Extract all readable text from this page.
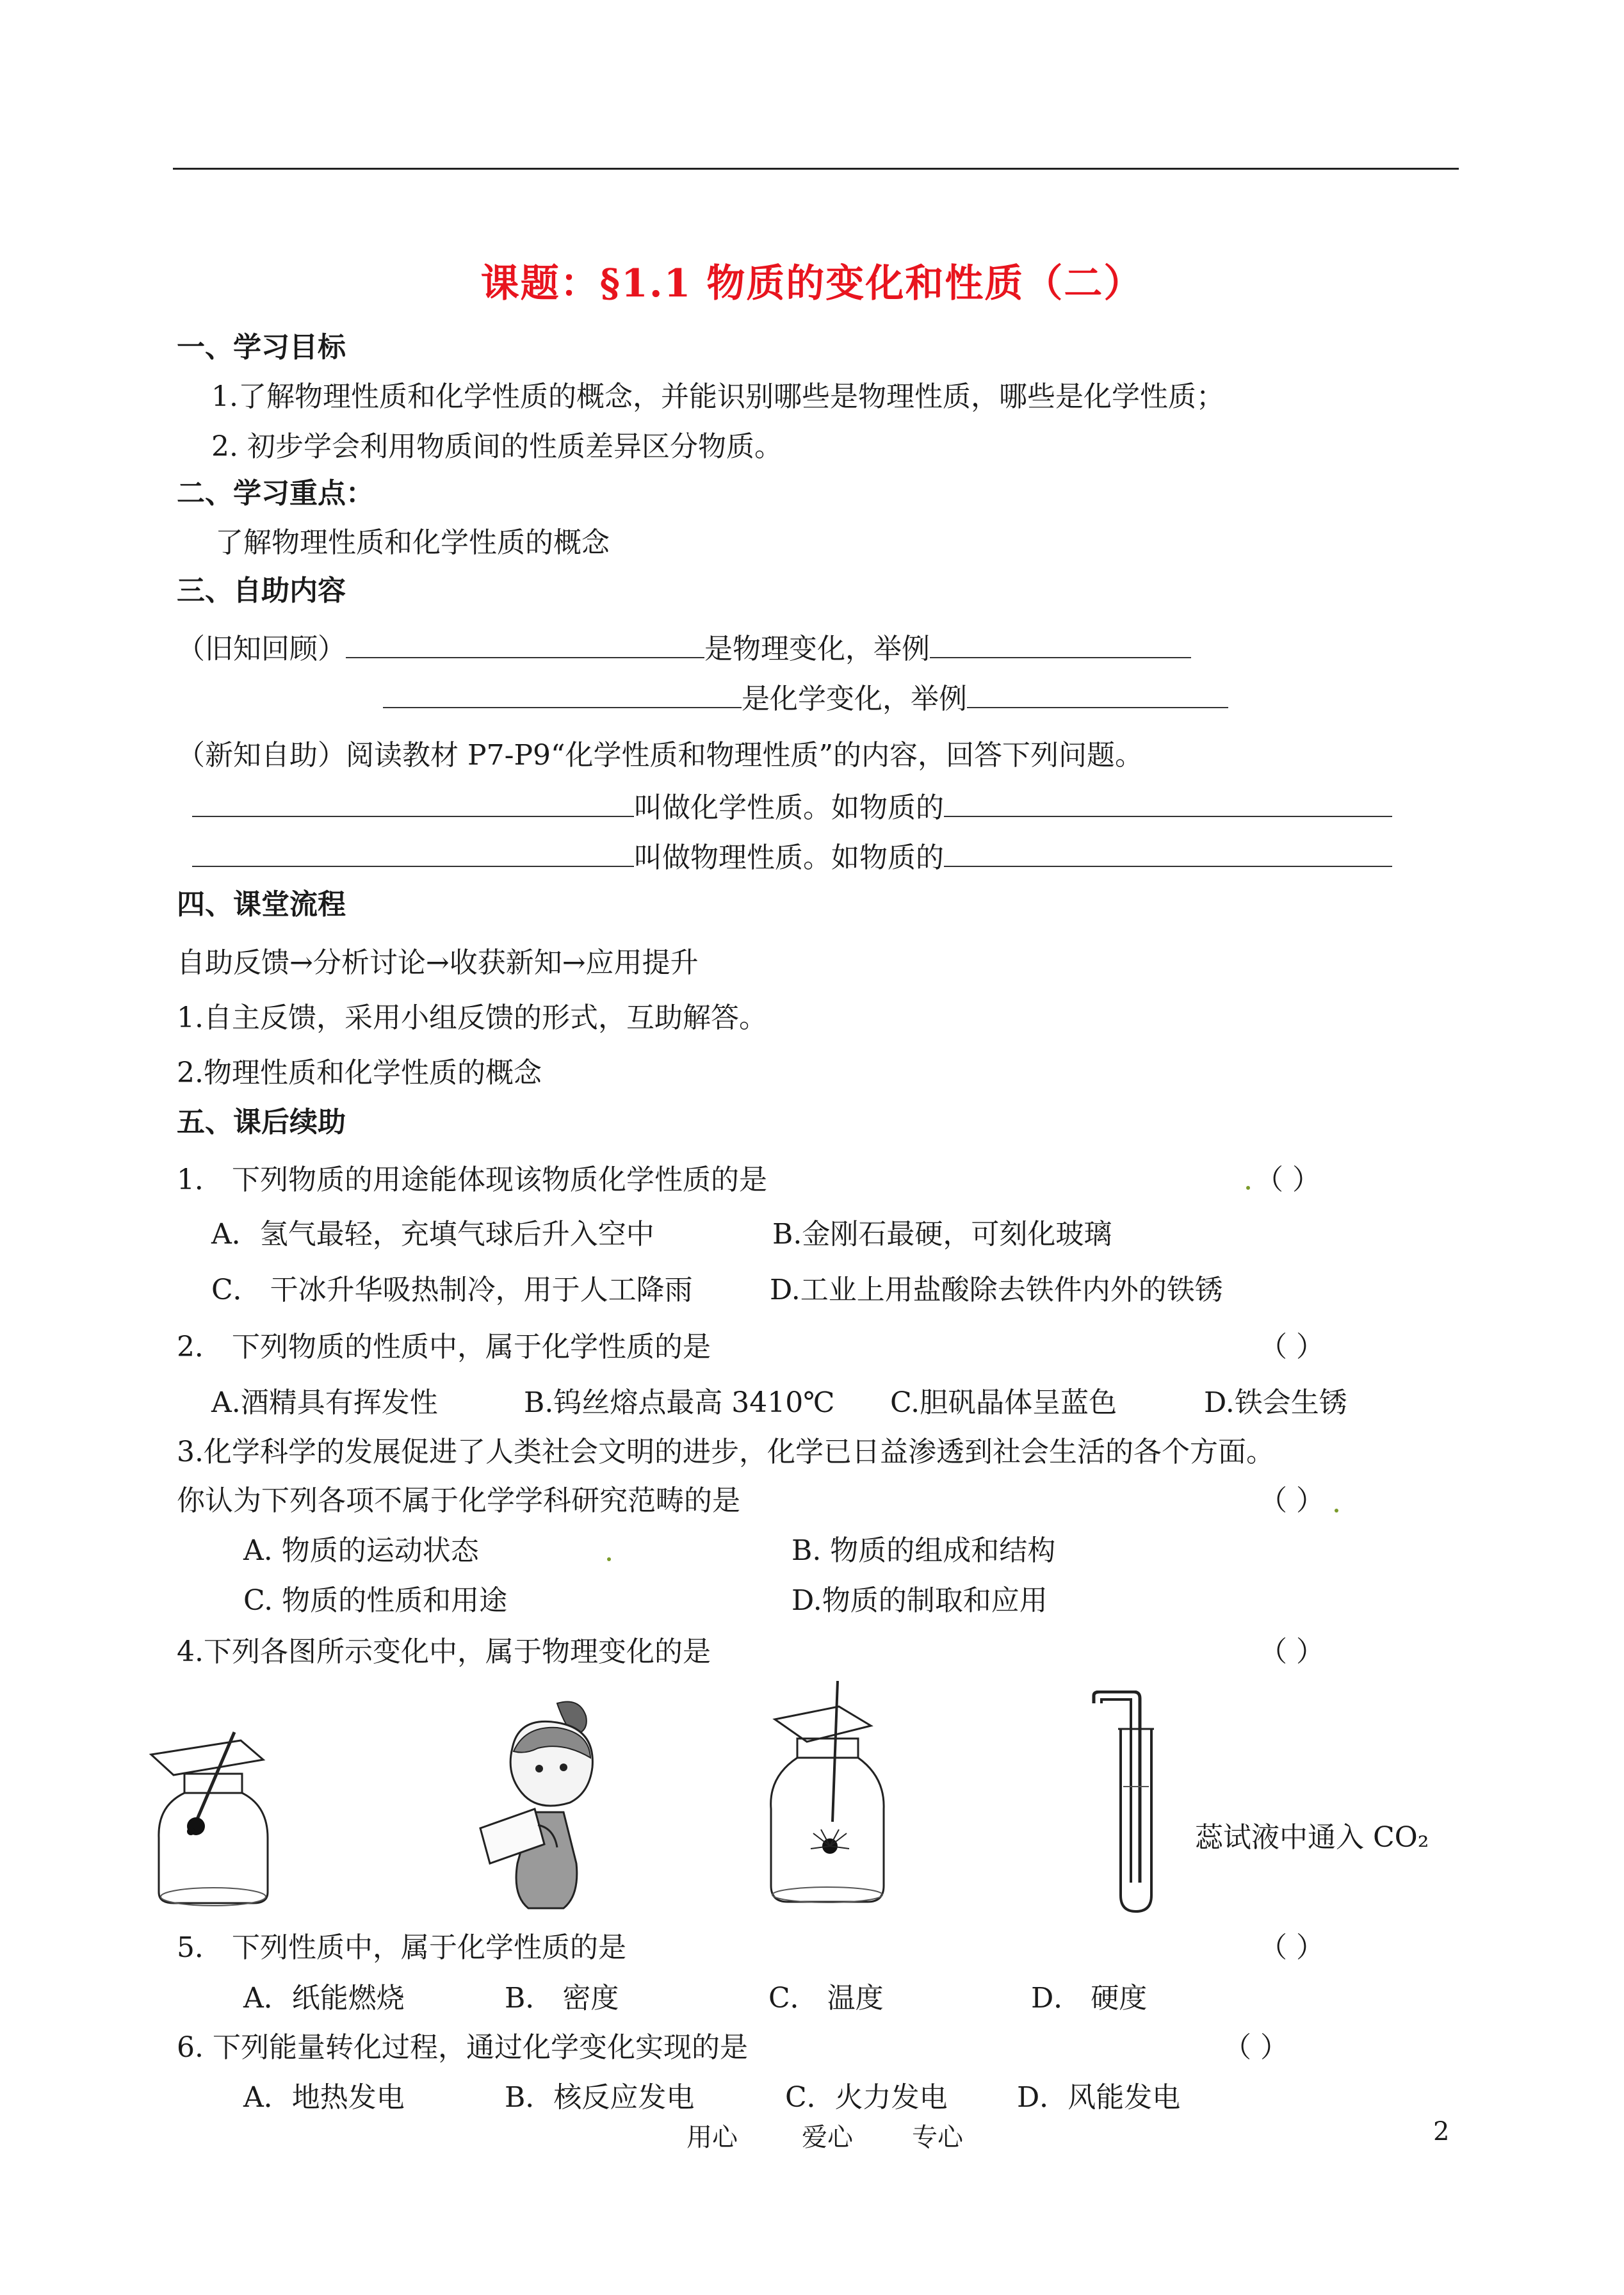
课题：§1.1 物质的变化和性质（二）
一、学习目标
1.了解物理性质和化学性质的概念，并能识别哪些是物理性质，哪些是化学性质；
2. 初步学会利用物质间的性质差异区分物质。
二、学习重点：
了解物理性质和化学性质的概念
三、自助内容
（旧知回顾）	是物理变化，举例
是化学变化，举例
（新知自助）阅读教材 P7-P9“化学性质和物理性质”的内容，回答下列问题。
叫做化学性质。如物质的
叫做物理性质。如物质的
四、课堂流程
自助反馈→分析讨论→收获新知→应用提升
1.自主反馈，采用小组反馈的形式，互助解答。
2.物理性质和化学性质的概念
五、课后续助
1． 下列物质的用途能体现该物质化学性质的是	（ ）
A．氢气最轻，充填气球后升入空中	B.金刚石最硬，可刻化玻璃
C． 干冰升华吸热制冷，用于人工降雨	D.工业上用盐酸除去铁件内外的铁锈
2． 下列物质的性质中，属于化学性质的是	（ ）
A.酒精具有挥发性	B.钨丝熔点最高 3410℃ C.胆矾晶体呈蓝色	D.铁会生锈
3.化学科学的发展促进了人类社会文明的进步，化学已日益渗透到社会生活的各个方面。
你认为下列各项不属于化学学科研究范畴的是	（ ）
A. 物质的运动状态	B. 物质的组成和结构
C. 物质的性质和用途	D.物质的制取和应用
4.下列各图所示变化中，属于物理变化的是	（ ）
蕊试液中通入 CO₂
5． 下列性质中，属于化学性质的是	（ ）
A．纸能燃烧	B． 密度	C． 温度	D． 硬度
6. 下列能量转化过程，通过化学变化实现的是	（ ）
A．地热发电	B．核反应发电	C．火力发电 D．风能发电
用心	爱心 专心	2
